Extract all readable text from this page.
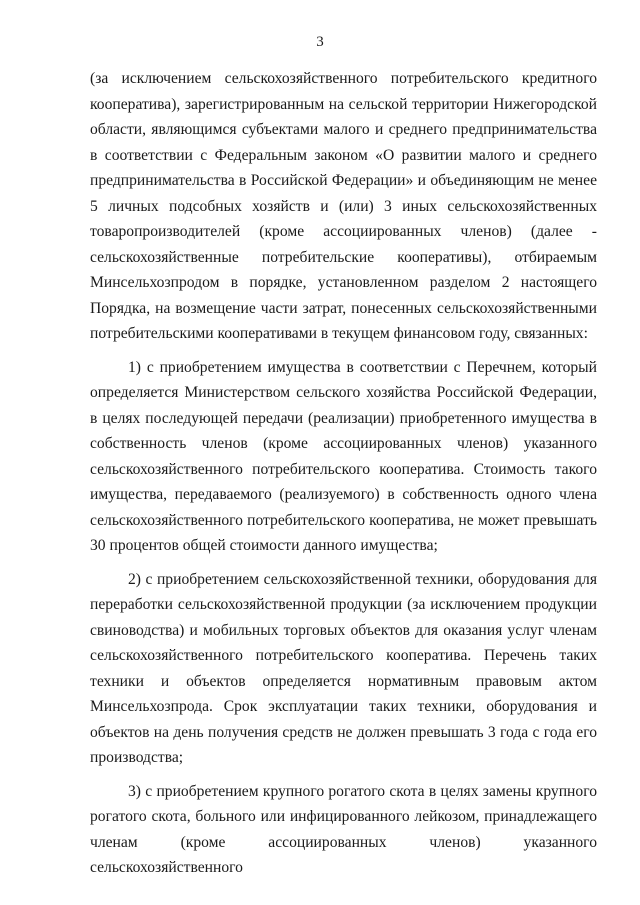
3

(за исключением сельскохозяйственного потребительского кредитного кооператива), зарегистрированным на сельской территории Нижегородской области, являющимся субъектами малого и среднего предпринимательства в соответствии с Федеральным законом «О развитии малого и среднего предпринимательства в Российской Федерации» и объединяющим не менее 5 личных подсобных хозяйств и (или) 3 иных сельскохозяйственных товаропроизводителей (кроме ассоциированных членов) (далее - сельскохозяйственные потребительские кооперативы), отбираемым Минсельхозпродом в порядке, установленном разделом 2 настоящего Порядка, на возмещение части затрат, понесенных сельскохозяйственными потребительскими кооперативами в текущем финансовом году, связанных:

1) с приобретением имущества в соответствии с Перечнем, который определяется Министерством сельского хозяйства Российской Федерации, в целях последующей передачи (реализации) приобретенного имущества в собственность членов (кроме ассоциированных членов) указанного сельскохозяйственного потребительского кооператива. Стоимость такого имущества, передаваемого (реализуемого) в собственность одного члена сельскохозяйственного потребительского кооператива, не может превышать 30 процентов общей стоимости данного имущества;

2) с приобретением сельскохозяйственной техники, оборудования для переработки сельскохозяйственной продукции (за исключением продукции свиноводства) и мобильных торговых объектов для оказания услуг членам сельскохозяйственного потребительского кооператива. Перечень таких техники и объектов определяется нормативным правовым актом Минсельхозпрода. Срок эксплуатации таких техники, оборудования и объектов на день получения средств не должен превышать 3 года с года его производства;

3) с приобретением крупного рогатого скота в целях замены крупного рогатого скота, больного или инфицированного лейкозом, принадлежащего членам (кроме ассоциированных членов) указанного сельскохозяйственного
